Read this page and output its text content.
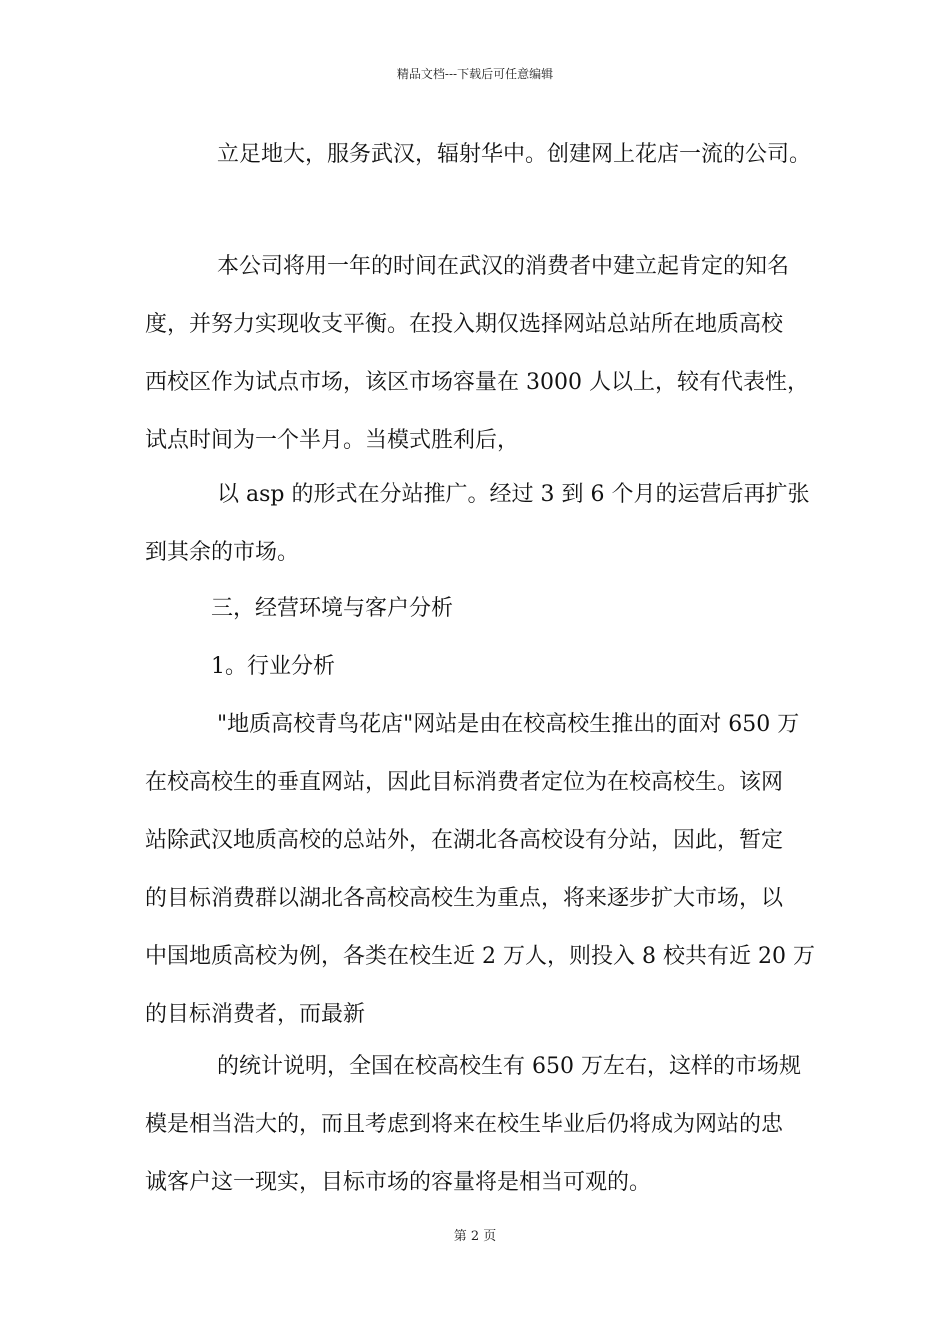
精品文档---下载后可任意编辑
立足地大，服务武汉，辐射华中。创建网上花店一流的公司。
本公司将用一年的时间在武汉的消费者中建立起肯定的知名
度，并努力实现收支平衡。在投入期仅选择网站总站所在地质高校
西校区作为试点市场，该区市场容量在 3000 人以上，较有代表性，
试点时间为一个半月。当模式胜利后，
以 asp 的形式在分站推广。经过 3 到 6 个月的运营后再扩张
到其余的市场。
三，经营环境与客户分析
1。行业分析
"地质高校青鸟花店"网站是由在校高校生推出的面对 650 万
在校高校生的垂直网站，因此目标消费者定位为在校高校生。该网
站除武汉地质高校的总站外，在湖北各高校设有分站，因此，暂定
的目标消费群以湖北各高校高校生为重点，将来逐步扩大市场，以
中国地质高校为例，各类在校生近 2 万人，则投入 8 校共有近 20 万
的目标消费者，而最新
的统计说明，全国在校高校生有 650 万左右，这样的市场规
模是相当浩大的，而且考虑到将来在校生毕业后仍将成为网站的忠
诚客户这一现实，目标市场的容量将是相当可观的。
第 2 页
